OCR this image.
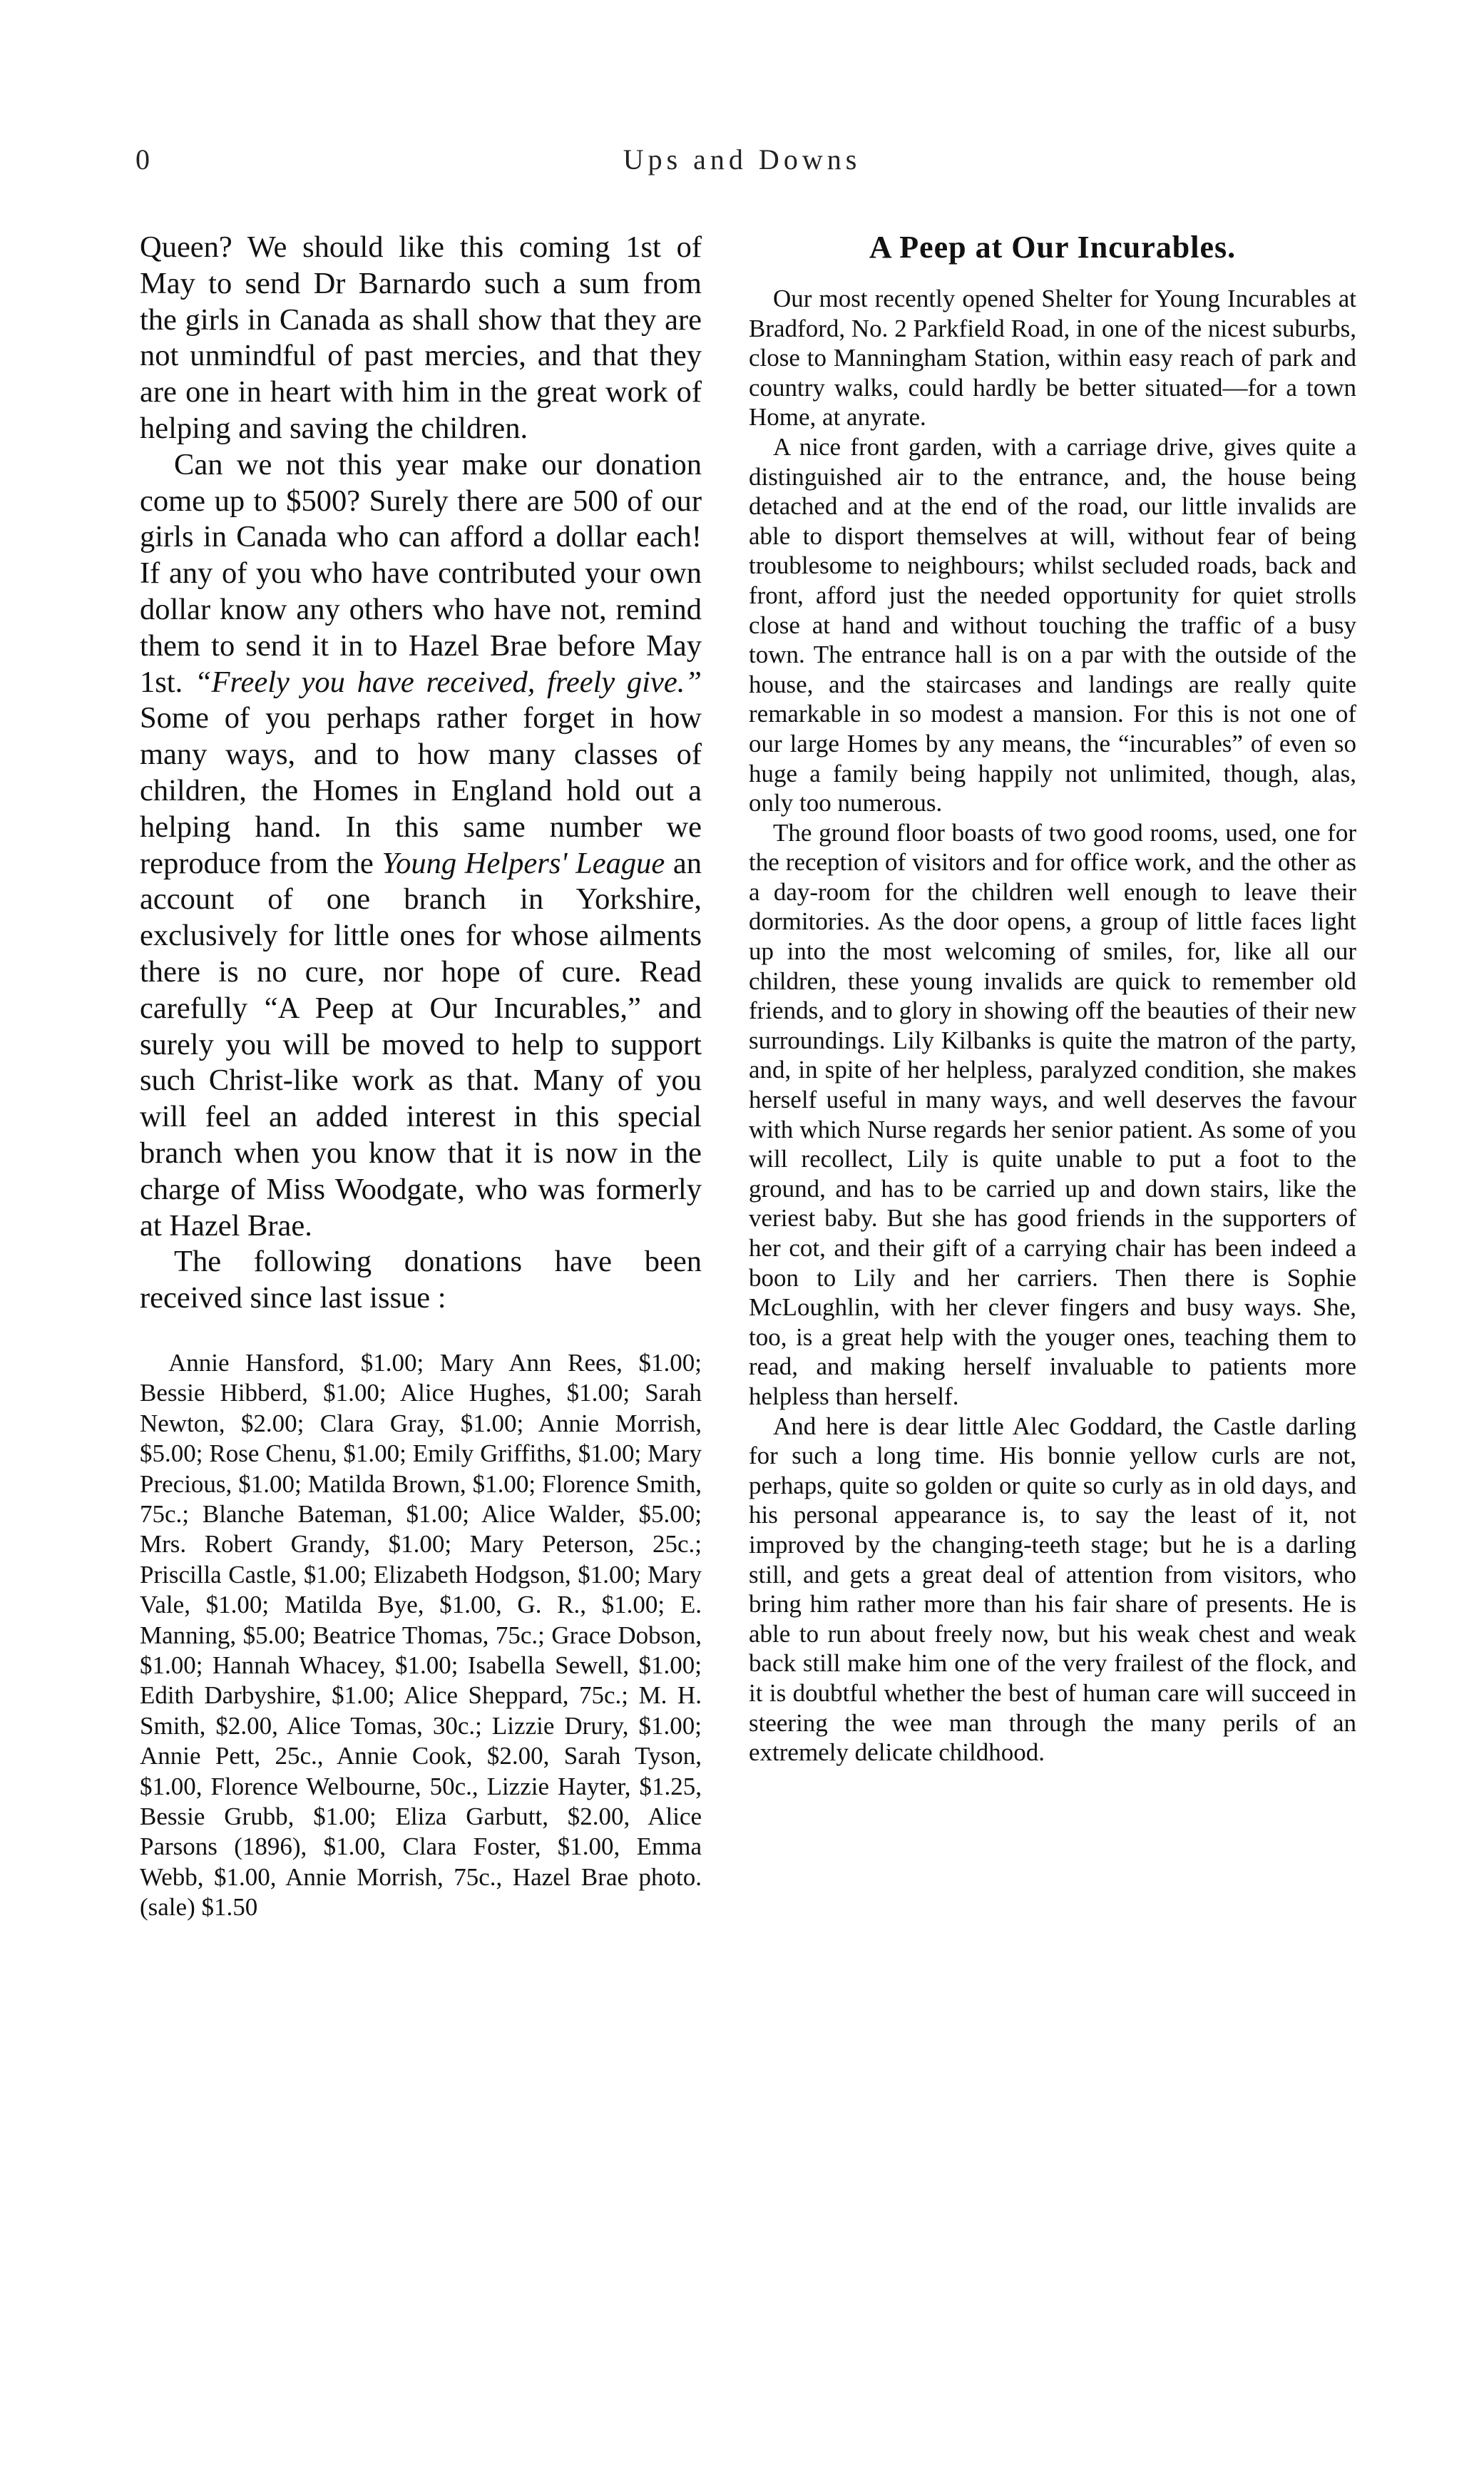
0	Ups and Downs

Queen? We should like this coming 1st of May to send Dr Barnardo such a sum from the girls in Canada as shall show that they are not unmindful of past mercies, and that they are one in heart with him in the great work of helping and saving the children.

Can we not this year make our donation come up to $500? Surely there are 500 of our girls in Canada who can afford a dollar each! If any of you who have contributed your own dollar know any others who have not, remind them to send it in to Hazel Brae before May 1st. “Freely you have received, freely give.” Some of you perhaps rather forget in how many ways, and to how many classes of children, the Homes in England hold out a helping hand. In this same number we reproduce from the Young Helpers' League an account of one branch in Yorkshire, exclusively for little ones for whose ailments there is no cure, nor hope of cure. Read carefully “A Peep at Our Incurables,” and surely you will be moved to help to support such Christ-like work as that. Many of you will feel an added interest in this special branch when you know that it is now in the charge of Miss Woodgate, who was formerly at Hazel Brae.

The following donations have been received since last issue :

Annie Hansford, $1.00; Mary Ann Rees, $1.00; Bessie Hibberd, $1.00; Alice Hughes, $1.00; Sarah Newton, $2.00; Clara Gray, $1.00; Annie Morrish, $5.00; Rose Chenu, $1.00; Emily Griffiths, $1.00; Mary Precious, $1.00; Matilda Brown, $1.00; Florence Smith, 75c.; Blanche Bateman, $1.00; Alice Walder, $5.00; Mrs. Robert Grandy, $1.00; Mary Peterson, 25c.; Priscilla Castle, $1.00; Elizabeth Hodgson, $1.00; Mary Vale, $1.00; Matilda Bye, $1.00, G. R., $1.00; E. Manning, $5.00; Beatrice Thomas, 75c.; Grace Dobson, $1.00; Hannah Whacey, $1.00; Isabella Sewell, $1.00; Edith Darbyshire, $1.00; Alice Sheppard, 75c.; M. H. Smith, $2.00, Alice Tomas, 30c.; Lizzie Drury, $1.00; Annie Pett, 25c., Annie Cook, $2.00, Sarah Tyson, $1.00, Florence Welbourne, 50c., Lizzie Hayter, $1.25, Bessie Grubb, $1.00; Eliza Garbutt, $2.00, Alice Parsons (1896), $1.00, Clara Foster, $1.00, Emma Webb, $1.00, Annie Morrish, 75c., Hazel Brae photo. (sale) $1.50

A Peep at Our Incurables.

Our most recently opened Shelter for Young Incurables at Bradford, No. 2 Parkfield Road, in one of the nicest suburbs, close to Manningham Station, within easy reach of park and country walks, could hardly be better situated—for a town Home, at anyrate.

A nice front garden, with a carriage drive, gives quite a distinguished air to the entrance, and, the house being detached and at the end of the road, our little invalids are able to disport themselves at will, without fear of being troublesome to neighbours; whilst secluded roads, back and front, afford just the needed opportunity for quiet strolls close at hand and without touching the traffic of a busy town. The entrance hall is on a par with the outside of the house, and the staircases and landings are really quite remarkable in so modest a mansion. For this is not one of our large Homes by any means, the “incurables” of even so huge a family being happily not unlimited, though, alas, only too numerous.

The ground floor boasts of two good rooms, used, one for the reception of visitors and for office work, and the other as a day-room for the children well enough to leave their dormitories. As the door opens, a group of little faces light up into the most welcoming of smiles, for, like all our children, these young invalids are quick to remember old friends, and to glory in showing off the beauties of their new surroundings. Lily Kilbanks is quite the matron of the party, and, in spite of her helpless, paralyzed condition, she makes herself useful in many ways, and well deserves the favour with which Nurse regards her senior patient. As some of you will recollect, Lily is quite unable to put a foot to the ground, and has to be carried up and down stairs, like the veriest baby. But she has good friends in the supporters of her cot, and their gift of a carrying chair has been indeed a boon to Lily and her carriers. Then there is Sophie McLoughlin, with her clever fingers and busy ways. She, too, is a great help with the youger ones, teaching them to read, and making herself invaluable to patients more helpless than herself.

And here is dear little Alec Goddard, the Castle darling for such a long time. His bonnie yellow curls are not, perhaps, quite so golden or quite so curly as in old days, and his personal appearance is, to say the least of it, not improved by the changing-teeth stage; but he is a darling still, and gets a great deal of attention from visitors, who bring him rather more than his fair share of presents. He is able to run about freely now, but his weak chest and weak back still make him one of the very frailest of the flock, and it is doubtful whether the best of human care will succeed in steering the wee man through the many perils of an extremely delicate childhood.
